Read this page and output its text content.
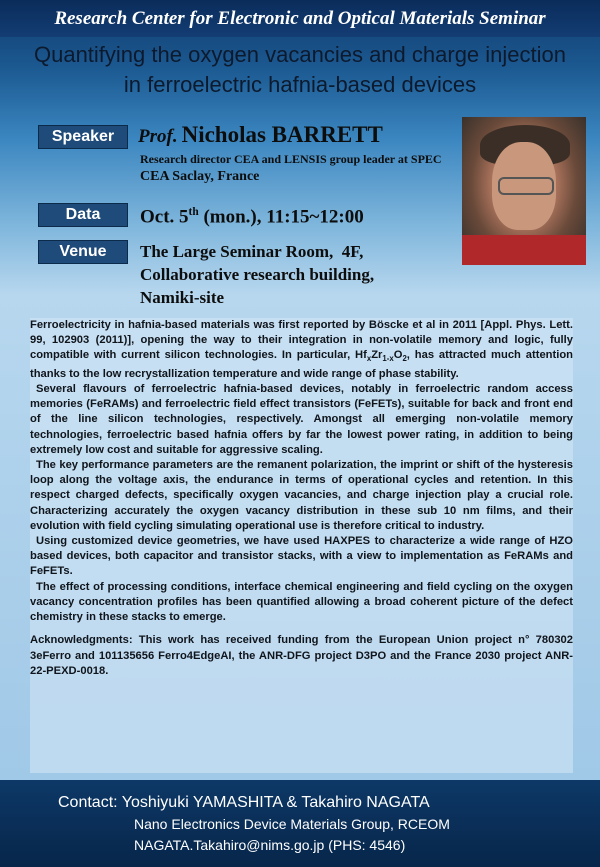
Research Center for Electronic and Optical Materials Seminar
Quantifying the oxygen vacancies and charge injection
in ferroelectric hafnia-based devices
Speaker	Prof. Nicholas BARRETT
Research director CEA and LENSIS group leader at SPEC
CEA Saclay, France
Data	Oct. 5th (mon.), 11:15~12:00
Venue	The Large Seminar Room,  4F,
Collaborative research building,
Namiki-site

Ferroelectricity in hafnia-based materials was first reported by Böscke et al in 2011 [Appl. Phys. Lett. 99, 102903 (2011)], opening the way to their integration in non-volatile memory and logic, fully compatible with current silicon technologies. In particular, $Hf_xZr_{1-x}O_2$, has attracted much attention thanks to the low recrystallization temperature and wide range of phase stability.

Several flavours of ferroelectric hafnia-based devices, notably in ferroelectric random access memories (FeRAMs) and ferroelectric field effect transistors (FeFETs), suitable for back and front end of the line silicon technologies, respectively. Amongst all emerging non-volatile memory technologies, ferroelectric based hafnia offers by far the lowest power rating, in addition to being extremely low cost and suitable for aggressive scaling.

The key performance parameters are the remanent polarization, the imprint or shift of the hysteresis loop along the voltage axis, the endurance in terms of operational cycles and retention. In this respect charged defects, specifically oxygen vacancies, and charge injection play a crucial role. Characterizing accurately the oxygen vacancy distribution in these sub 10 nm films, and their evolution with field cycling simulating operational use is therefore critical to industry.

Using customized device geometries, we have used HAXPES to characterize a wide range of HZO based devices, both capacitor and transistor stacks, with a view to implementation as FeRAMs and FeFETs.

The effect of processing conditions, interface chemical engineering and field cycling on the oxygen vacancy concentration profiles has been quantified allowing a broad coherent picture of the defect chemistry in these stacks to emerge.

Acknowledgments: This work has received funding from the European Union project n° 780302 3eFerro and 101135656 Ferro4EdgeAI, the ANR-DFG project D3PO and the France 2030 project ANR-22-PEXD-0018.

Contact: Yoshiyuki YAMASHITA & Takahiro NAGATA
Nano Electronics Device Materials Group, RCEOM
NAGATA.Takahiro@nims.go.jp (PHS: 4546)
